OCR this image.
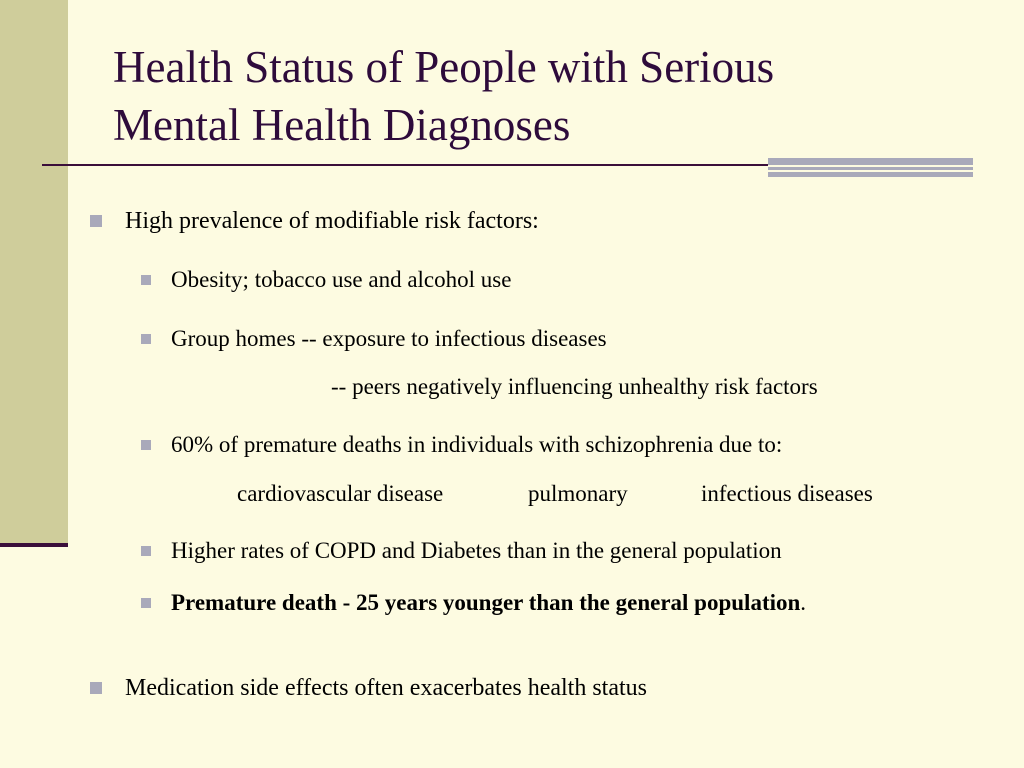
Health Status of People with Serious
Mental Health Diagnoses
High prevalence of modifiable risk factors:
Obesity; tobacco use and alcohol use
Group homes -- exposure to infectious diseases
-- peers negatively influencing unhealthy risk factors
60% of premature deaths in individuals with schizophrenia due to:
cardiovascular disease	pulmonary	infectious diseases
Higher rates of COPD and Diabetes than in the general population
Premature death - 25 years younger than the general population.
Medication side effects often exacerbates health status
